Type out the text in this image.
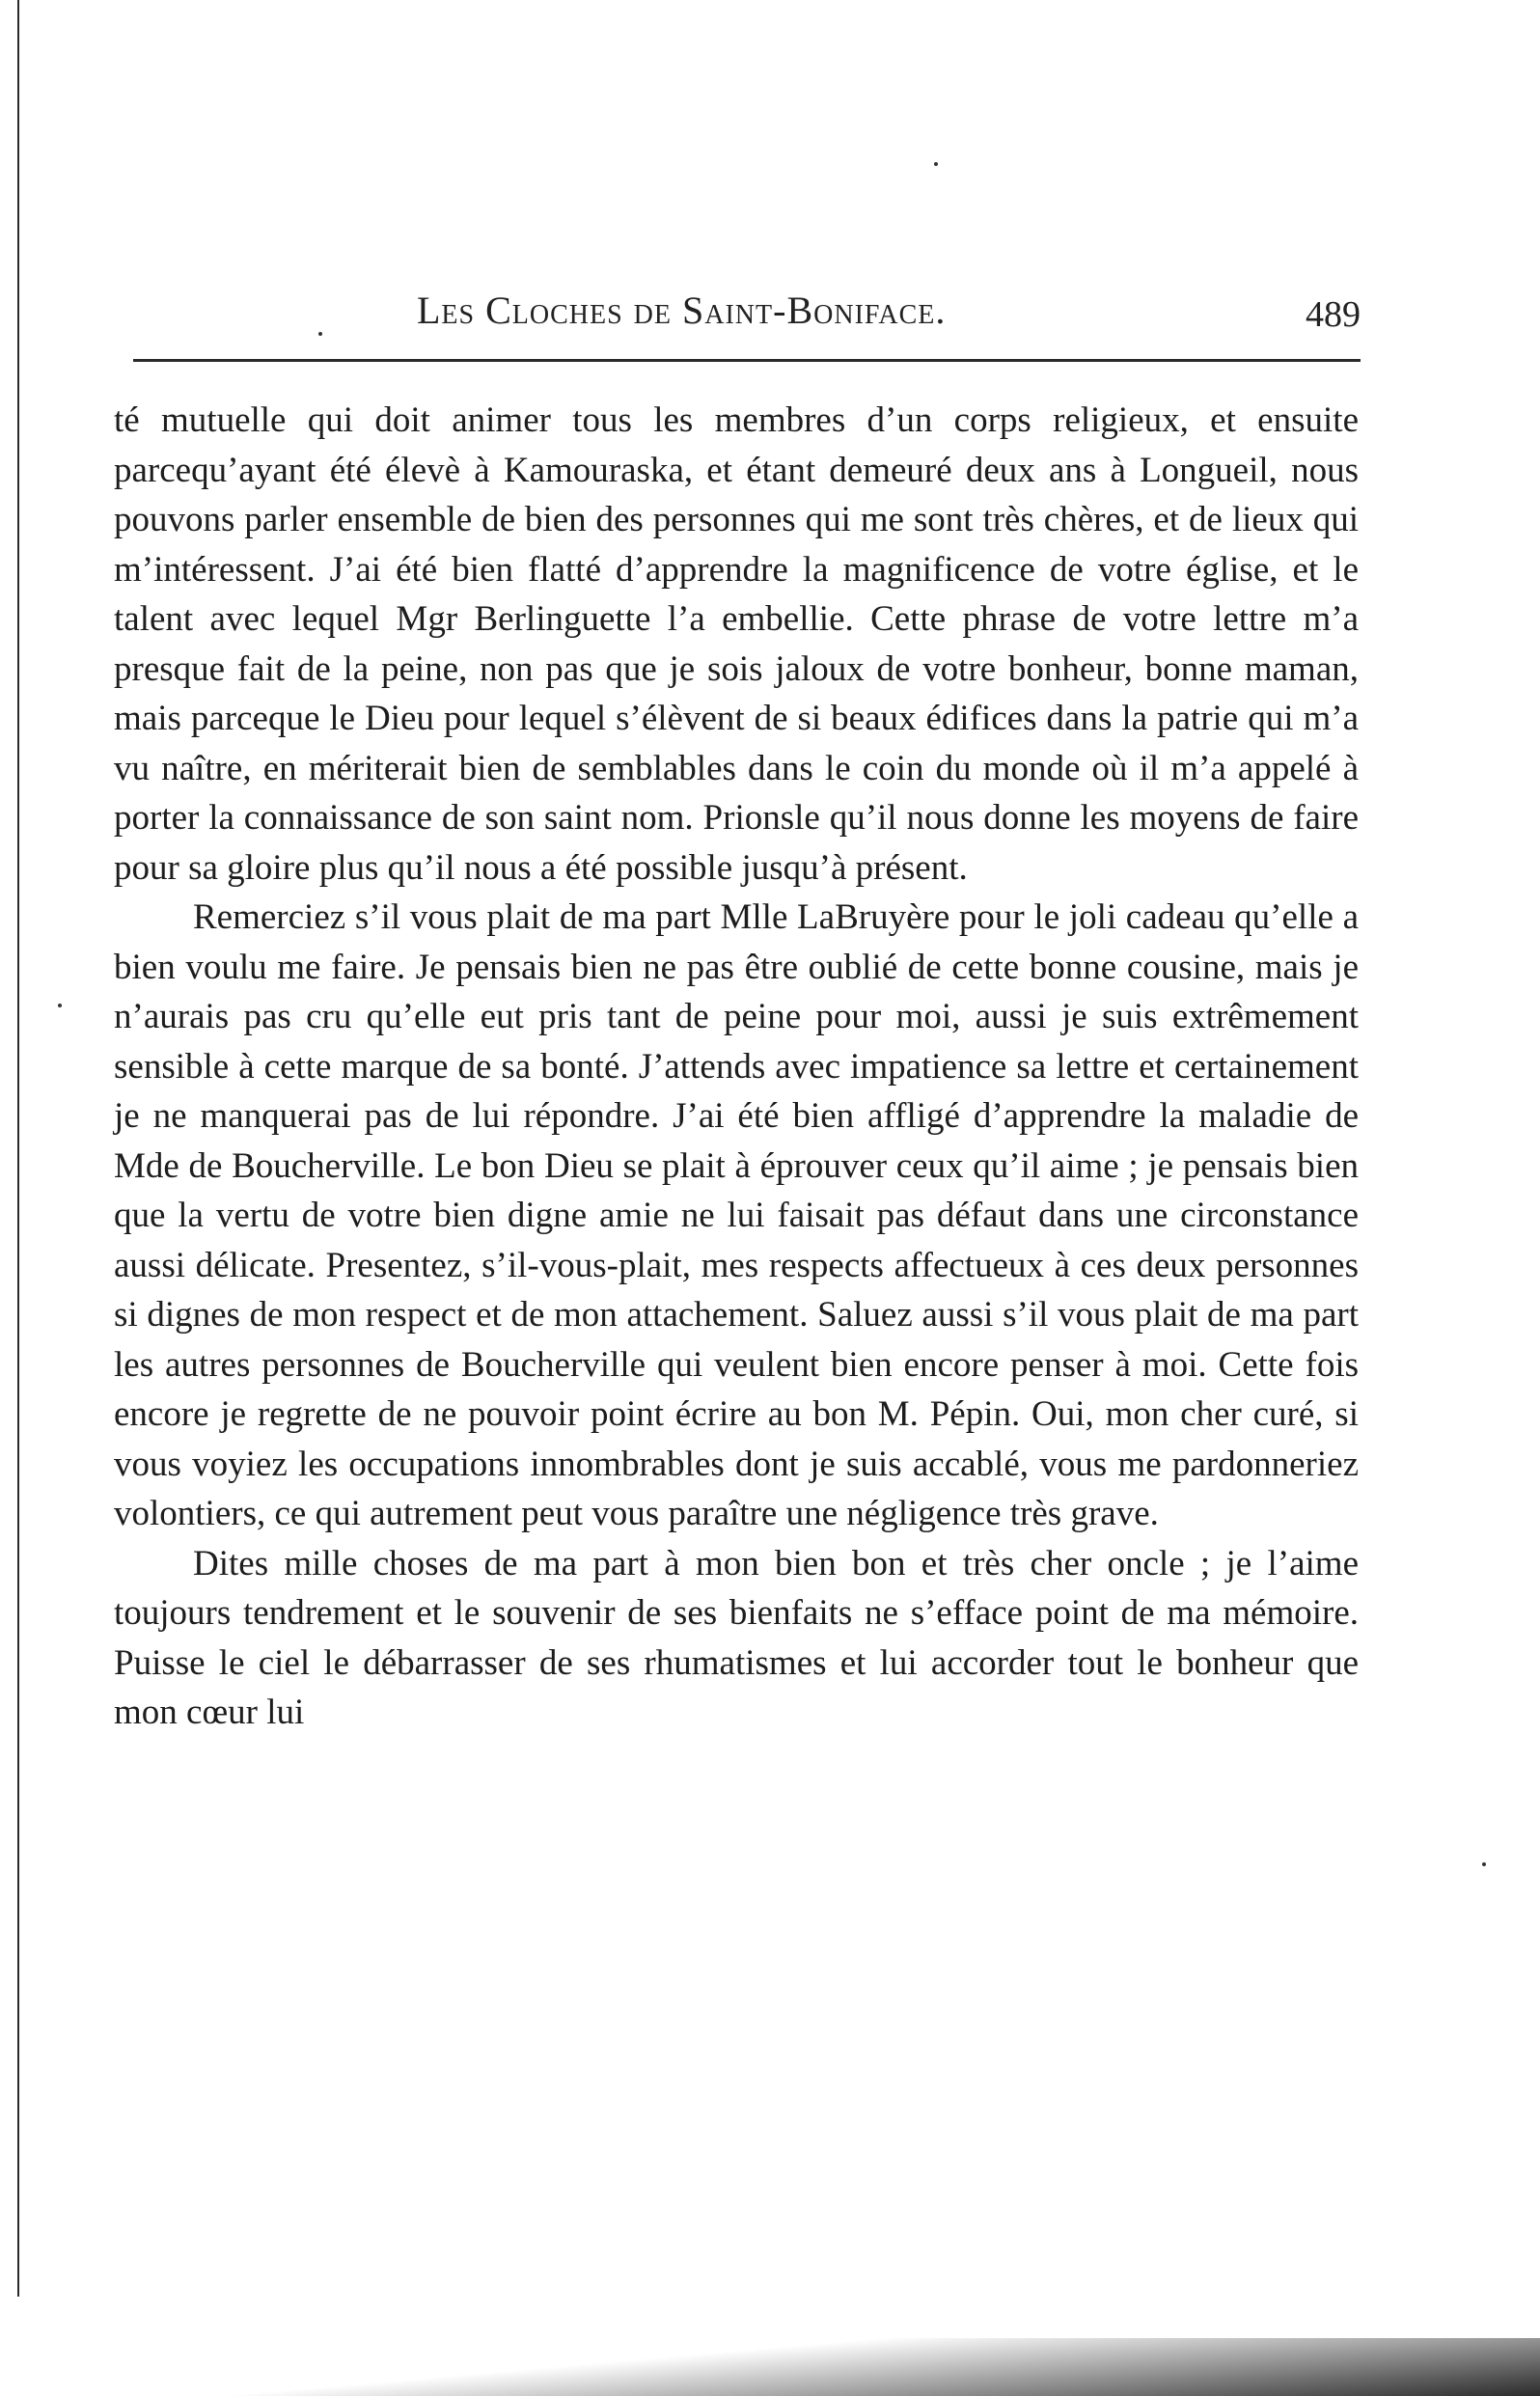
Les Cloches de Saint-Boniface.	489

té mutuelle qui doit animer tous les membres d’un corps religieux, et ensuite parcequ’ayant été élevè à Kamouraska, et étant demeuré deux ans à Longueil, nous pouvons parler ensemble de bien des personnes qui me sont très chères, et de lieux qui m’intéressent. J’ai été bien flatté d’apprendre la magnificence de votre église, et le talent avec lequel Mgr Berlinguette l’a embellie. Cette phrase de votre lettre m’a presque fait de la peine, non pas que je sois jaloux de votre bonheur, bonne maman, mais parceque le Dieu pour lequel s’élèvent de si beaux édifices dans la patrie qui m’a vu naître, en mériterait bien de semblables dans le coin du monde où il m’a appelé à porter la connaissance de son saint nom. Prionsle qu’il nous donne les moyens de faire pour sa gloire plus qu’il nous a été possible jusqu’à présent.

Remerciez s’il vous plait de ma part Mlle LaBruyère pour le joli cadeau qu’elle a bien voulu me faire. Je pensais bien ne pas être oublié de cette bonne cousine, mais je n’aurais pas cru qu’elle eut pris tant de peine pour moi, aussi je suis extrêmement sensible à cette marque de sa bonté. J’attends avec impatience sa lettre et certainement je ne manquerai pas de lui répondre. J’ai été bien affligé d’apprendre la maladie de Mde de Boucherville. Le bon Dieu se plait à éprouver ceux qu’il aime ; je pensais bien que la vertu de votre bien digne amie ne lui faisait pas défaut dans une circonstance aussi délicate. Presentez, s’il-vous-plait, mes respects affectueux à ces deux personnes si dignes de mon respect et de mon attachement. Saluez aussi s’il vous plait de ma part les autres personnes de Boucherville qui veulent bien encore penser à moi. Cette fois encore je regrette de ne pouvoir point écrire au bon M. Pépin. Oui, mon cher curé, si vous voyiez les occupations innombrables dont je suis accablé, vous me pardonneriez volontiers, ce qui autrement peut vous paraître une négligence très grave.

Dites mille choses de ma part à mon bien bon et très cher oncle ; je l’aime toujours tendrement et le souvenir de ses bienfaits ne s’efface point de ma mémoire. Puisse le ciel le débarrasser de ses rhumatismes et lui accorder tout le bonheur que mon cœur lui
